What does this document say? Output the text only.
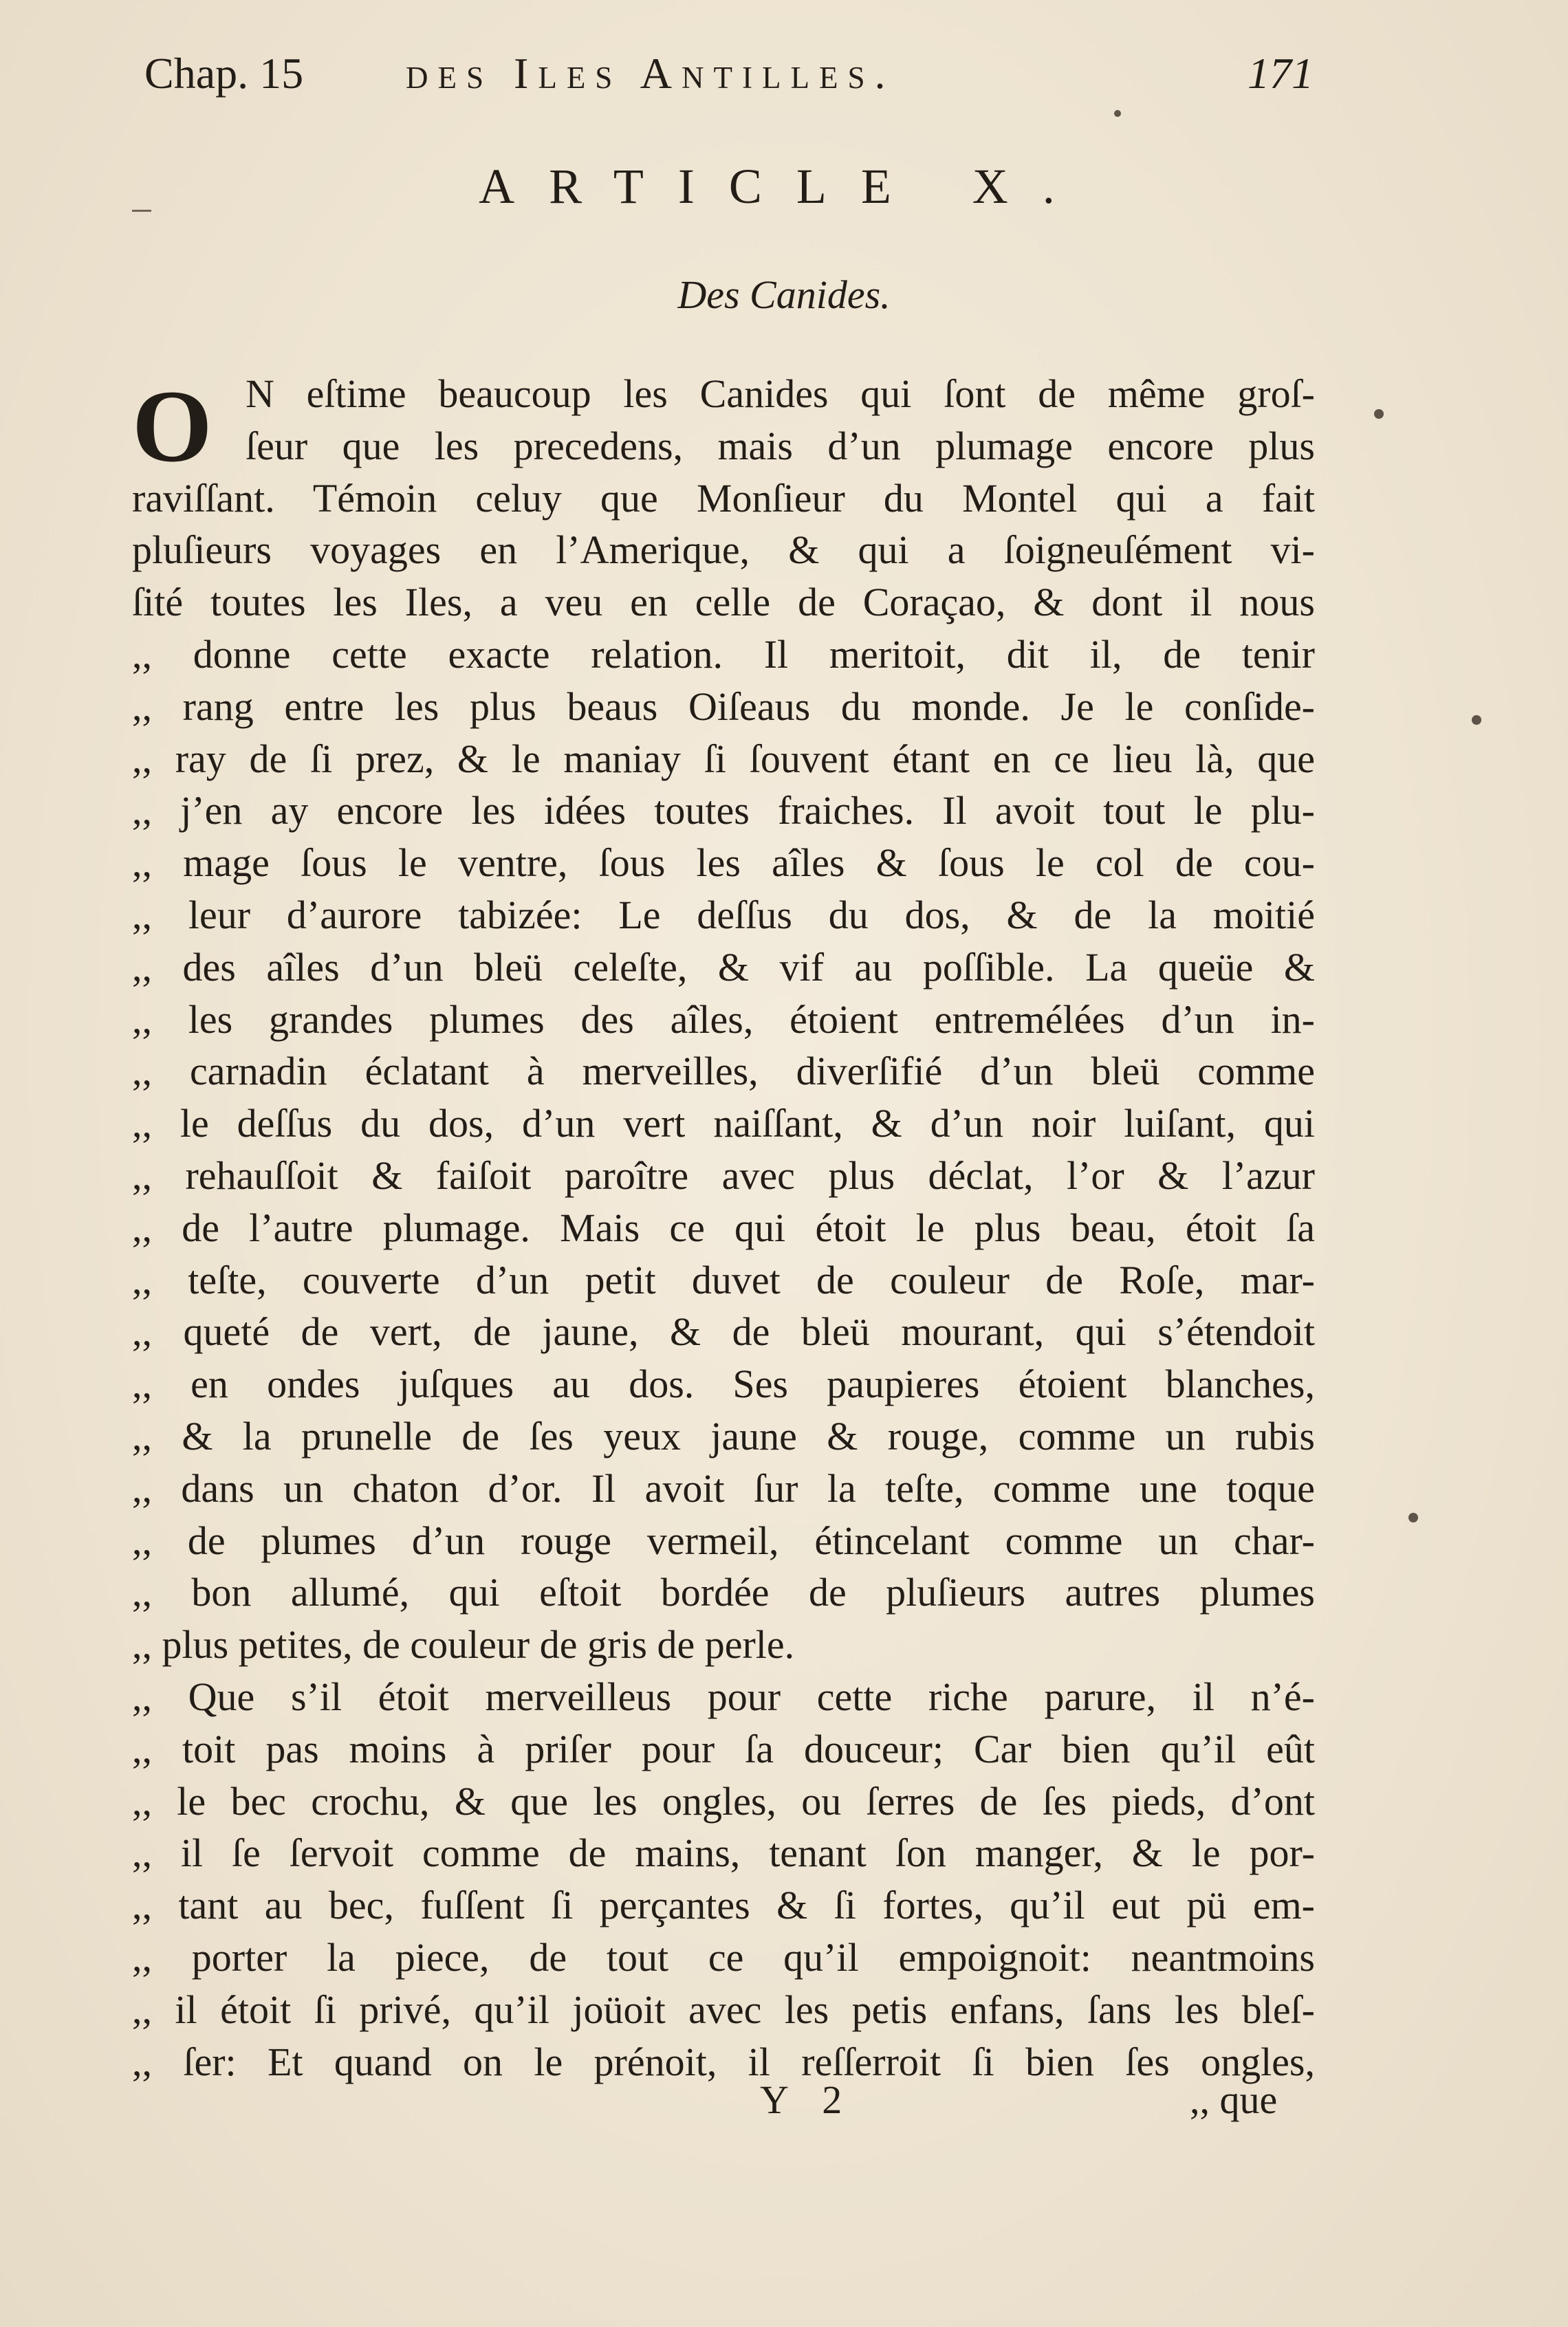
Chap. 15 des Iles Antilles.	171
ARTICLE X.
Des Canides.
O N eſtime beaucoup les Canides qui ſont de même groſ-
ſeur que les precedens, mais d’un plumage encore plus
raviſſant. Témoin celuy que Monſieur du Montel qui a fait
pluſieurs voyages en l’Amerique, & qui a ſoigneuſément vi-
ſité toutes les Iles, a veu en celle de Coraçao, & dont il nous
,, donne cette exacte relation. Il meritoit, dit il, de tenir
,, rang entre les plus beaus Oiſeaus du monde. Je le conſide-
,, ray de ſi prez, & le maniay ſi ſouvent étant en ce lieu là, que
,, j’en ay encore les idées toutes fraiches. Il avoit tout le plu-
,, mage ſous le ventre, ſous les aîles & ſous le col de cou-
,, leur d’aurore tabizée: Le deſſus du dos, & de la moitié
,, des aîles d’un bleü celeſte, & vif au poſſible. La queüe &
,, les grandes plumes des aîles, étoient entremélées d’un in-
,, carnadin éclatant à merveilles, diverſifié d’un bleü comme
,, le deſſus du dos, d’un vert naiſſant, & d’un noir luiſant, qui
,, rehauſſoit & faiſoit paroître avec plus déclat, l’or & l’azur
,, de l’autre plumage. Mais ce qui étoit le plus beau, étoit ſa
,, teſte, couverte d’un petit duvet de couleur de Roſe, mar-
,, queté de vert, de jaune, & de bleü mourant, qui s’étendoit
,, en ondes juſques au dos. Ses paupieres étoient blanches,
,, & la prunelle de ſes yeux jaune & rouge, comme un rubis
,, dans un chaton d’or. Il avoit ſur la teſte, comme une toque
,, de plumes d’un rouge vermeil, étincelant comme un char-
,, bon allumé, qui eſtoit bordée de pluſieurs autres plumes
,, plus petites, de couleur de gris de perle.
,, Que s’il étoit merveilleus pour cette riche parure, il n’é-
,, toit pas moins à priſer pour ſa douceur; Car bien qu’il eût
,, le bec crochu, & que les ongles, ou ſerres de ſes pieds, d’ont
,, il ſe ſervoit comme de mains, tenant ſon manger, & le por-
,, tant au bec, fuſſent ſi perçantes & ſi fortes, qu’il eut pü em-
,, porter la piece, de tout ce qu’il empoignoit: neantmoins
,, il étoit ſi privé, qu’il joüoit avec les petis enfans, ſans les bleſ-
,, ſer: Et quand on le prénoit, il reſſerroit ſi bien ſes ongles,
Y 2	,, que
